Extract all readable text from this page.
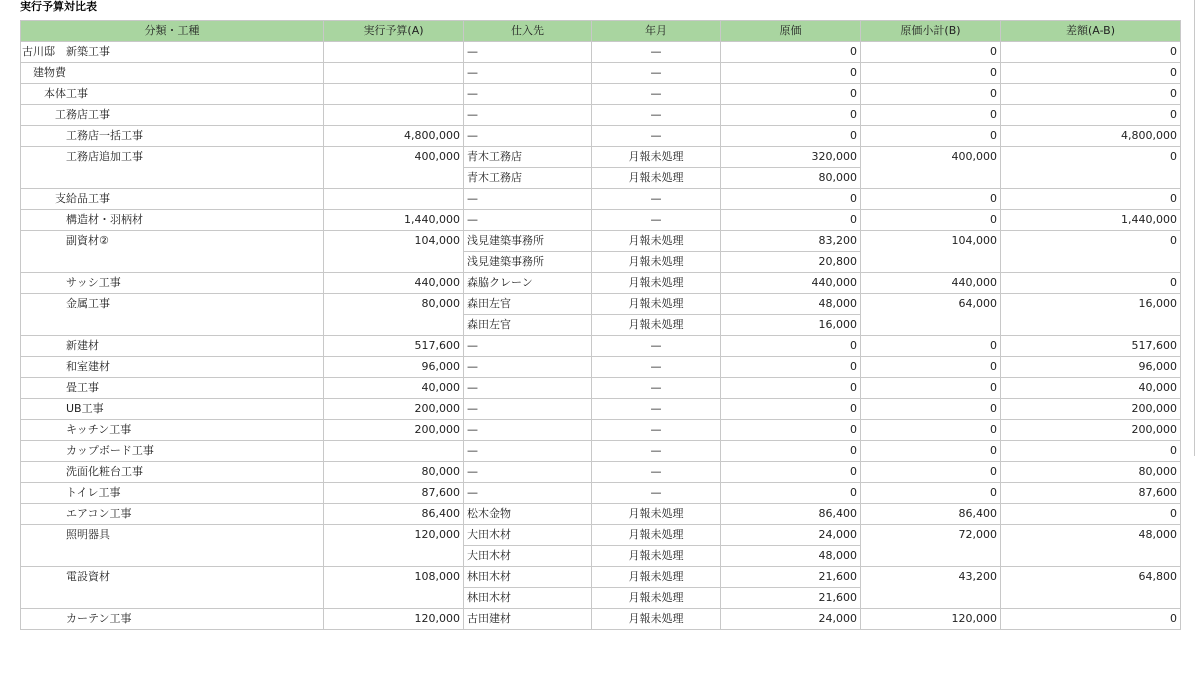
実行予算対比表
分類・工種	実行予算(A)	仕入先	年月	原価	原価小計(B)	差額(A-B)
古川邸　新築工事		—	—	0	0	0
建物費		—	—	0	0	0
本体工事		—	—	0	0	0
工務店工事		—	—	0	0	0
工務店一括工事	4,800,000	—	—	0	0	4,800,000
工務店追加工事	400,000	青木工務店	月報未処理	320,000	400,000	0
		青木工務店	月報未処理	80,000		
支給品工事		—	—	0	0	0
構造材・羽柄材	1,440,000	—	—	0	0	1,440,000
副資材②	104,000	浅見建築事務所	月報未処理	83,200	104,000	0
		浅見建築事務所	月報未処理	20,800		
サッシ工事	440,000	森脇クレーン	月報未処理	440,000	440,000	0
金属工事	80,000	森田左官	月報未処理	48,000	64,000	16,000
		森田左官	月報未処理	16,000		
新建材	517,600	—	—	0	0	517,600
和室建材	96,000	—	—	0	0	96,000
畳工事	40,000	—	—	0	0	40,000
UB工事	200,000	—	—	0	0	200,000
キッチン工事	200,000	—	—	0	0	200,000
カップボード工事		—	—	0	0	0
洗面化粧台工事	80,000	—	—	0	0	80,000
トイレ工事	87,600	—	—	0	0	87,600
エアコン工事	86,400	松木金物	月報未処理	86,400	86,400	0
照明器具	120,000	大田木材	月報未処理	24,000	72,000	48,000
		大田木材	月報未処理	48,000		
電設資材	108,000	林田木材	月報未処理	21,600	43,200	64,800
		林田木材	月報未処理	21,600		
カーテン工事	120,000	古田建材	月報未処理	24,000	120,000	0
